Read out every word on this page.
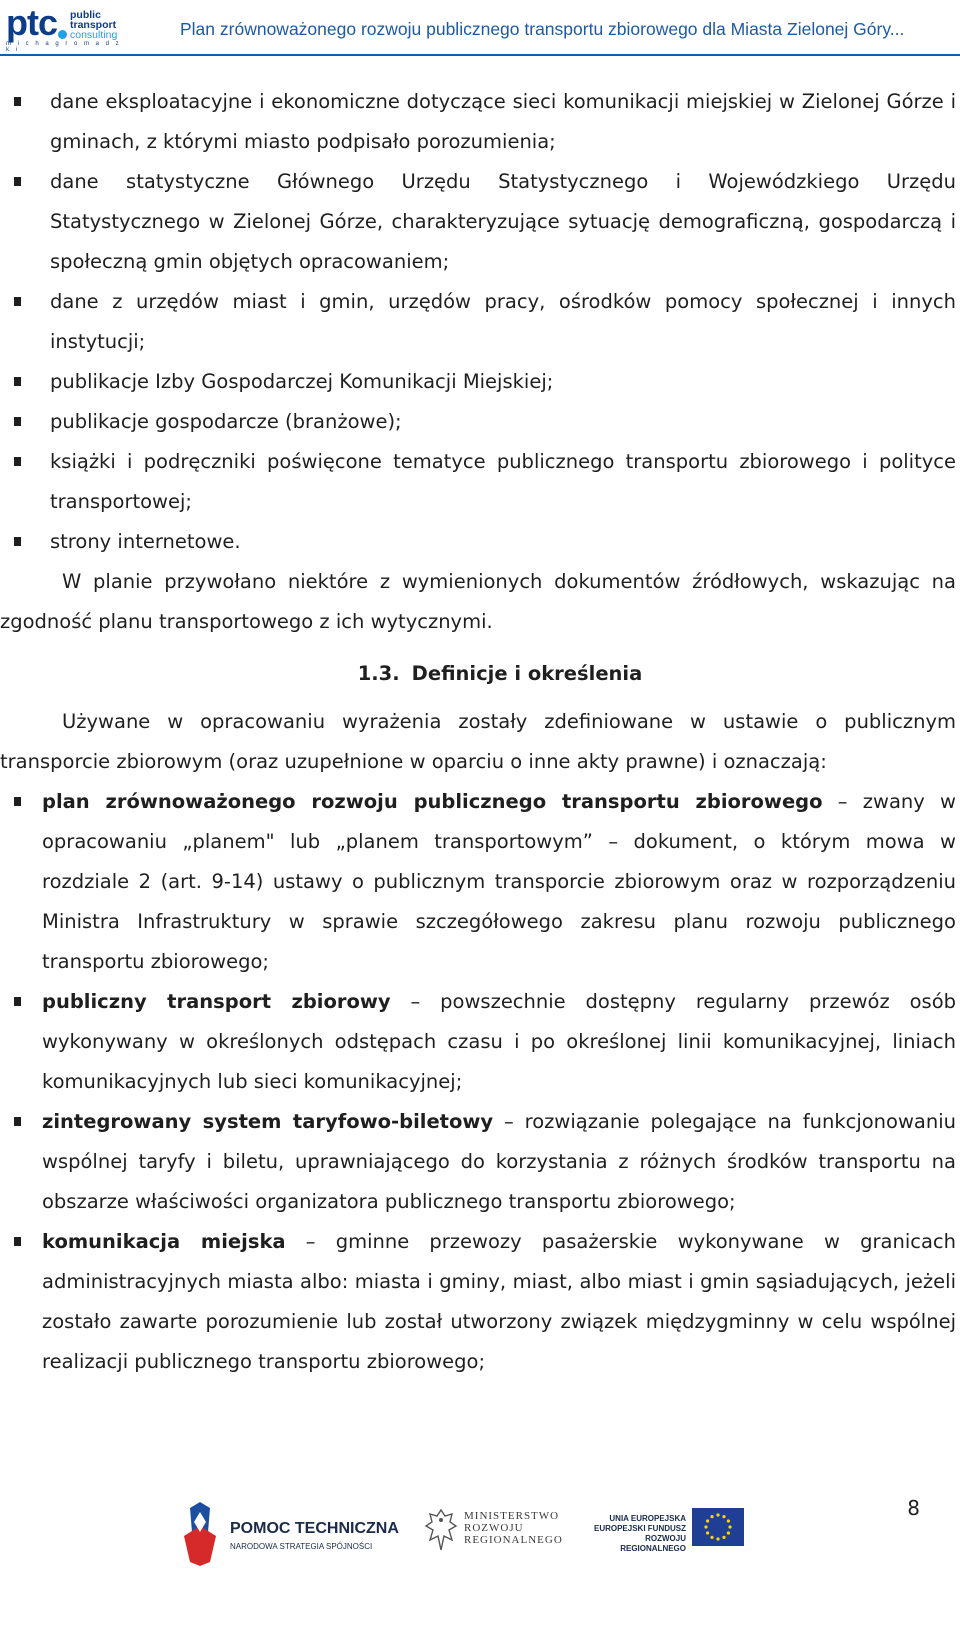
ptc public
transport
consulting
m i c h a g r o m a d z k i
Plan zrównoważonego rozwoju publicznego transportu zbiorowego dla Miasta Zielonej Góry...
dane eksploatacyjne i ekonomiczne dotyczące sieci komunikacji miejskiej w Zielonej Górze i gminach, z którymi miasto podpisało porozumienia;
dane statystyczne Głównego Urzędu Statystycznego i Wojewódzkiego Urzędu Statystycznego w Zielonej Górze, charakteryzujące sytuację demograficzną, gospodarczą i społeczną gmin objętych opracowaniem;
dane z urzędów miast i gmin, urzędów pracy, ośrodków pomocy społecznej i innych instytucji;
publikacje Izby Gospodarczej Komunikacji Miejskiej;
publikacje gospodarcze (branżowe);
książki i podręczniki poświęcone tematyce publicznego transportu zbiorowego i polityce transportowej;
strony internetowe.
W planie przywołano niektóre z wymienionych dokumentów źródłowych, wskazując na zgodność planu transportowego z ich wytycznymi.
1.3. Definicje i określenia
Używane w opracowaniu wyrażenia zostały zdefiniowane w ustawie o publicznym transporcie zbiorowym (oraz uzupełnione w oparciu o inne akty prawne) i oznaczają:
plan zrównoważonego rozwoju publicznego transportu zbiorowego – zwany w opracowaniu „planem" lub „planem transportowym” – dokument, o którym mowa w rozdziale 2 (art. 9-14) ustawy o publicznym transporcie zbiorowym oraz w rozporządzeniu Ministra Infrastruktury w sprawie szczegółowego zakresu planu rozwoju publicznego transportu zbiorowego;
publiczny transport zbiorowy – powszechnie dostępny regularny przewóz osób wykonywany w określonych odstępach czasu i po określonej linii komunikacyjnej, liniach komunikacyjnych lub sieci komunikacyjnej;
zintegrowany system taryfowo-biletowy – rozwiązanie polegające na funkcjonowaniu wspólnej taryfy i biletu, uprawniającego do korzystania z różnych środków transportu na obszarze właściwości organizatora publicznego transportu zbiorowego;
komunikacja miejska – gminne przewozy pasażerskie wykonywane w granicach administracyjnych miasta albo: miasta i gminy, miast, albo miast i gmin sąsiadujących, jeżeli zostało zawarte porozumienie lub został utworzony związek międzygminny w celu wspólnej realizacji publicznego transportu zbiorowego;
8
POMOC TECHNICZNA
NARODOWA STRATEGIA SPÓJNOŚCI
MINISTERSTWO
ROZWOJU
REGIONALNEGO
UNIA EUROPEJSKA
EUROPEJSKI FUNDUSZ
ROZWOJU REGIONALNEGO
